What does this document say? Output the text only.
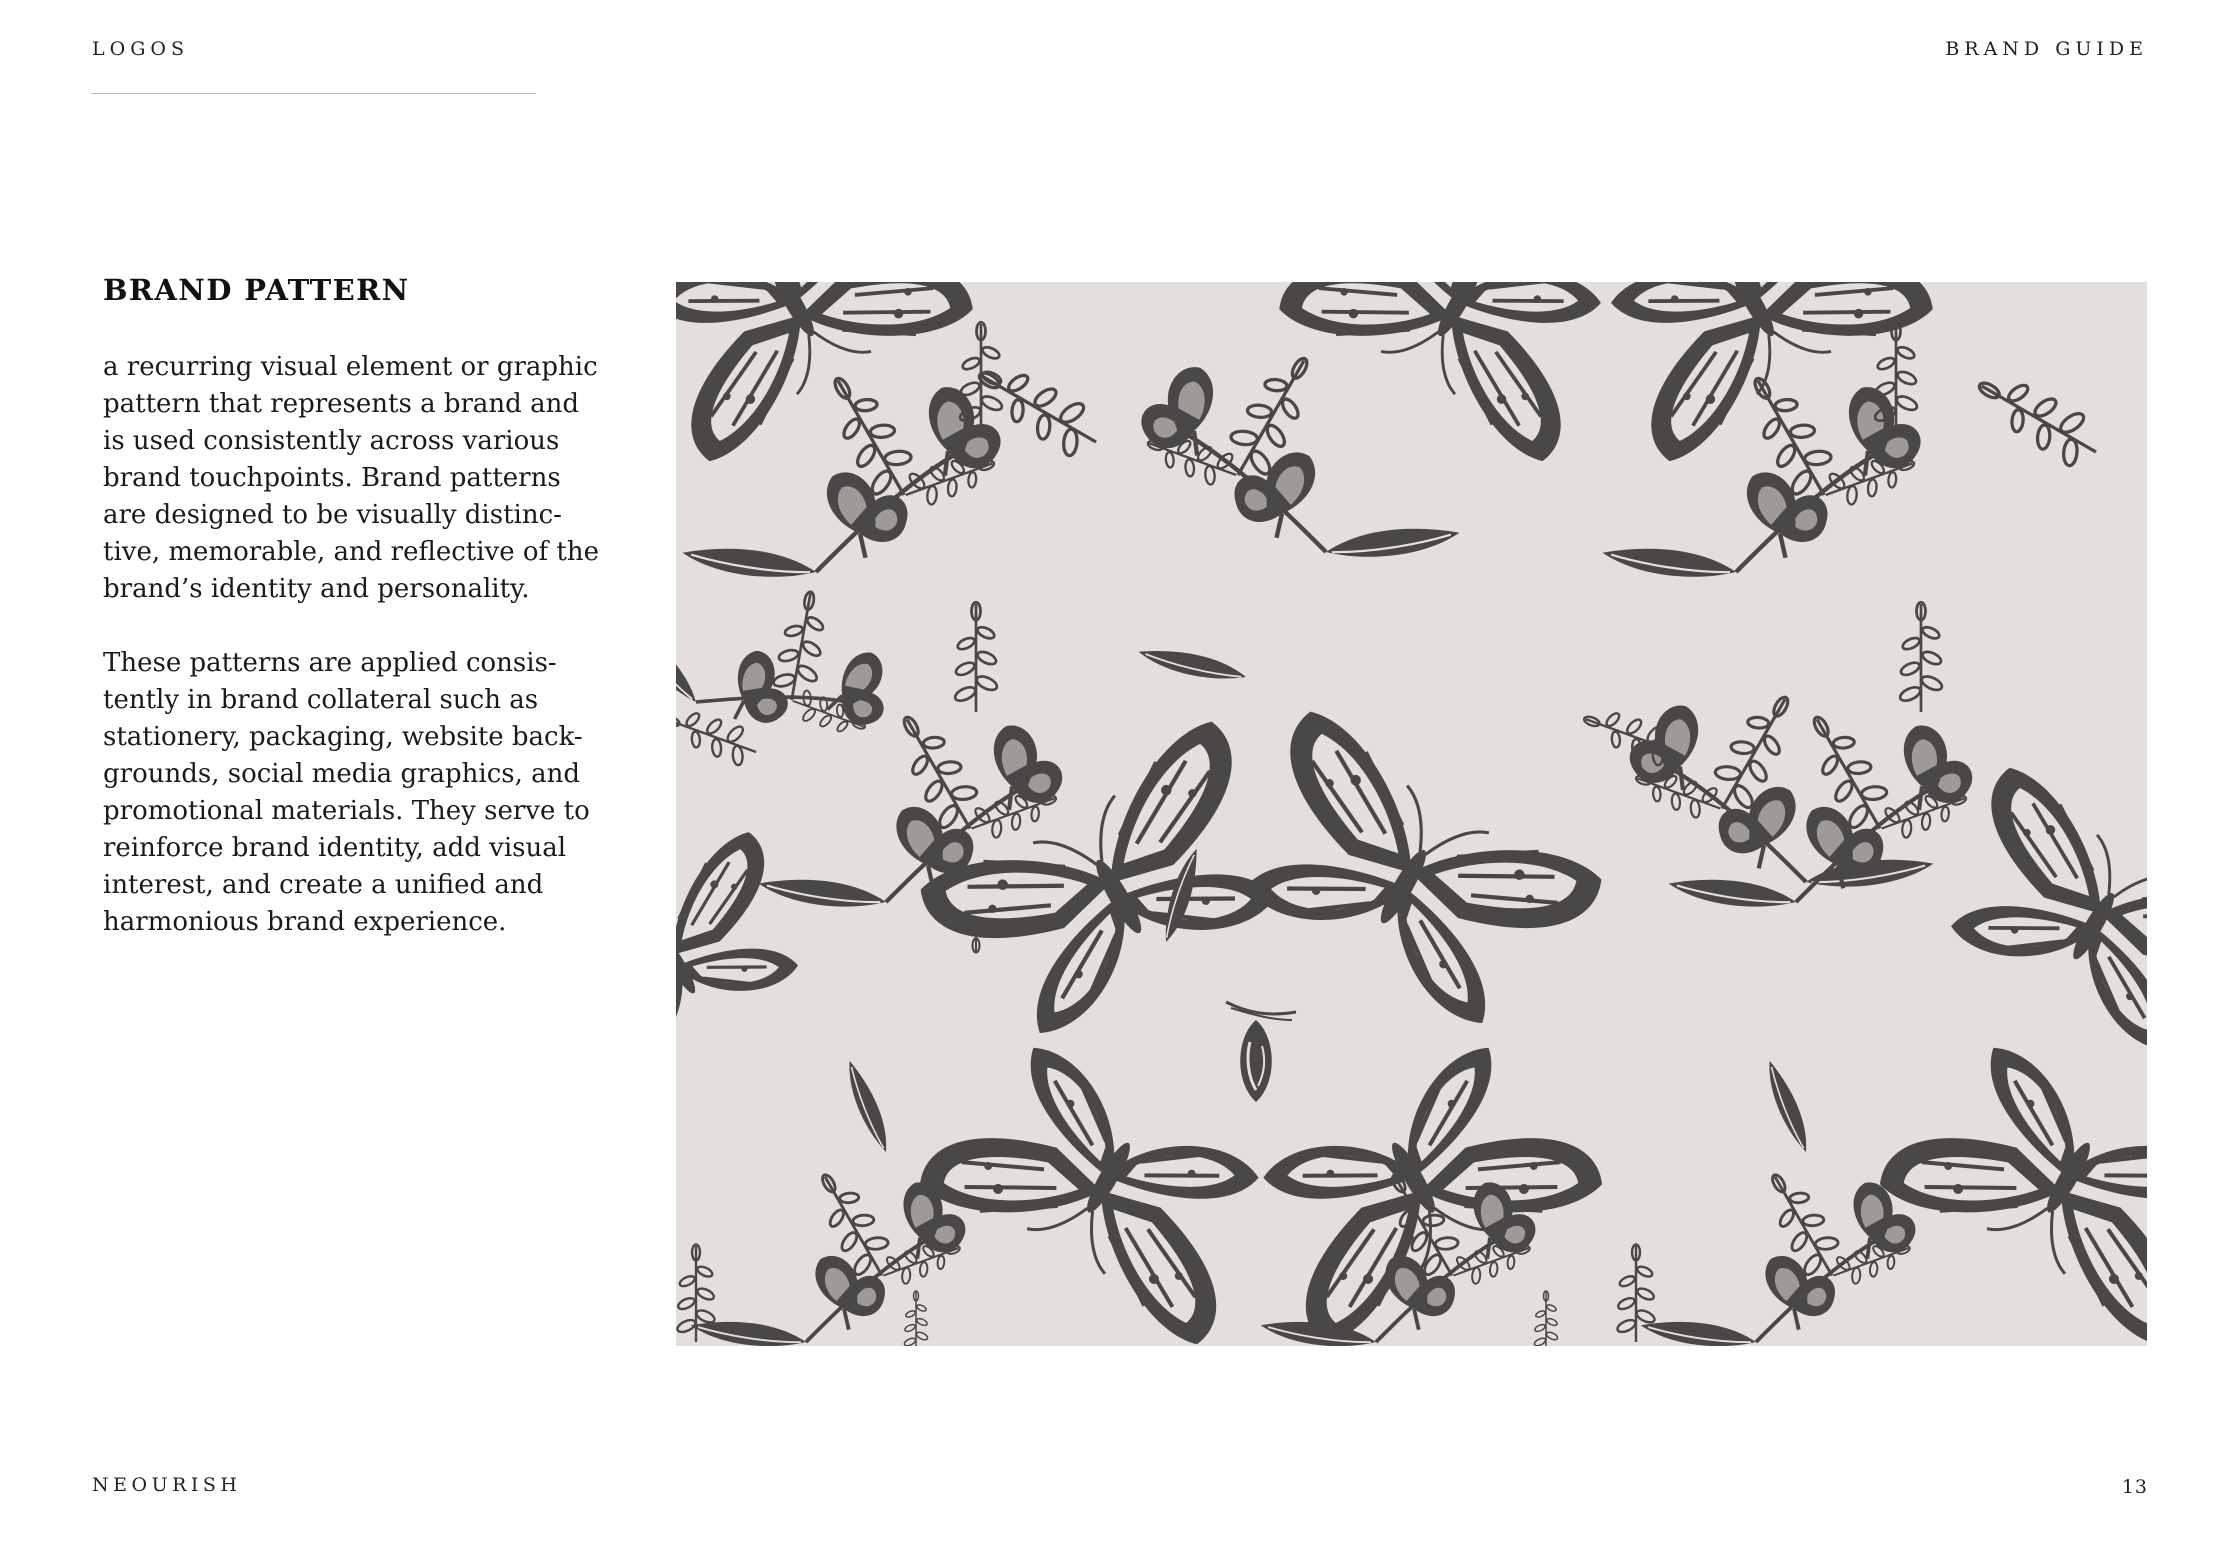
LOGOS	BRAND GUIDE
BRAND PATTERN

a recurring visual element or graphic
pattern that represents a brand and
is used consistently across various
brand touchpoints. Brand patterns
are designed to be visually distinc-
tive, memorable, and reflective of the
brand’s identity and personality.

These patterns are applied consis-
tently in brand collateral such as
stationery, packaging, website back-
grounds, social media graphics, and
promotional materials. They serve to
reinforce brand identity, add visual
interest, and create a unified and
harmonious brand experience.

NEOURISH	13
